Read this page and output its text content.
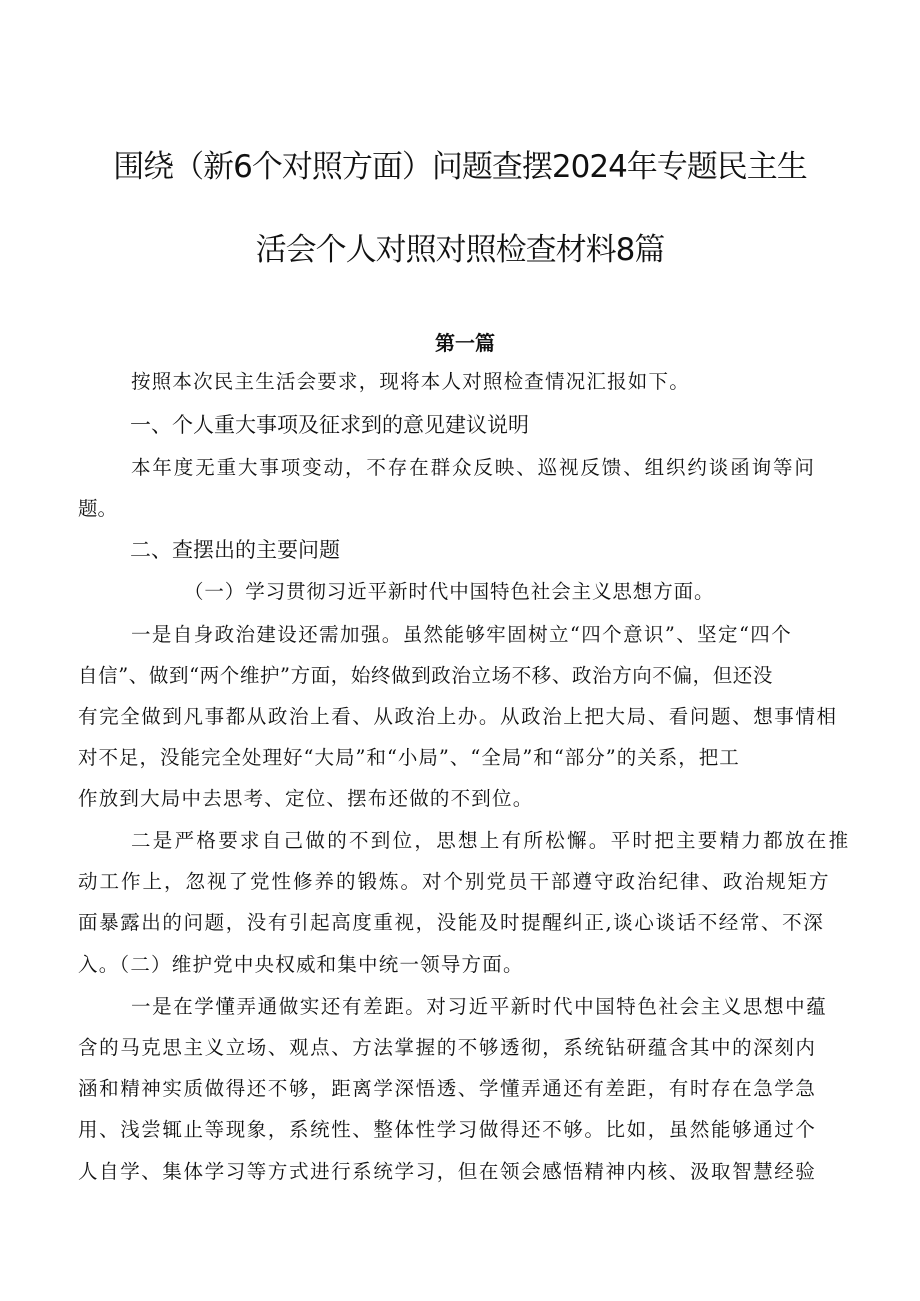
围绕（新6个对照方面）问题查摆2024年专题民主生
活会个人对照对照检查材料8篇
第一篇
按照本次民主生活会要求，现将本人对照检查情况汇报如下。
一、个人重大事项及征求到的意见建议说明
本年度无重大事项变动，不存在群众反映、巡视反馈、组织约谈函询等问
题。
二、查摆出的主要问题
（一）学习贯彻习近平新时代中国特色社会主义思想方面。
一是自身政治建设还需加强。虽然能够牢固树立“四个意识”、坚定“四个
自信”、做到“两个维护”方面，始终做到政治立场不移、政治方向不偏，但还没
有完全做到凡事都从政治上看、从政治上办。从政治上把大局、看问题、想事情相
对不足，没能完全处理好“大局”和“小局”、“全局”和“部分”的关系，把工
作放到大局中去思考、定位、摆布还做的不到位。
二是严格要求自己做的不到位，思想上有所松懈。平时把主要精力都放在推
动工作上，忽视了党性修养的锻炼。对个别党员干部遵守政治纪律、政治规矩方
面暴露出的问题，没有引起高度重视，没能及时提醒纠正,谈心谈话不经常、不深
入。（二）维护党中央权威和集中统一领导方面。
一是在学懂弄通做实还有差距。对习近平新时代中国特色社会主义思想中蕴
含的马克思主义立场、观点、方法掌握的不够透彻，系统钻研蕴含其中的深刻内
涵和精神实质做得还不够，距离学深悟透、学懂弄通还有差距，有时存在急学急
用、浅尝辄止等现象，系统性、整体性学习做得还不够。比如，虽然能够通过个
人自学、集体学习等方式进行系统学习，但在领会感悟精神内核、汲取智慧经验
